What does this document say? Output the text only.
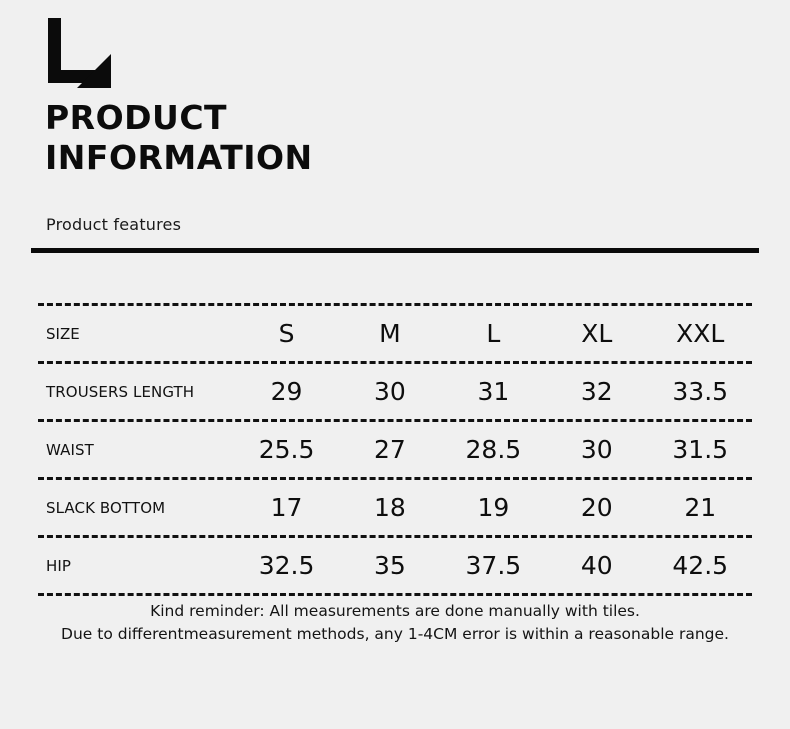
PRODUCT
INFORMATION
Product features

SIZE	S	M	L	XL	XXL

TROUSERS LENGTH	29	30	31	32	33.5

WAIST	25.5	27	28.5	30	31.5

SLACK BOTTOM	17	18	19	20	21

HIP	32.5	35	37.5	40	42.5

Kind reminder: All measurements are done manually with tiles.
Due to differentmeasurement methods, any 1-4CM error is within a reasonable range.
